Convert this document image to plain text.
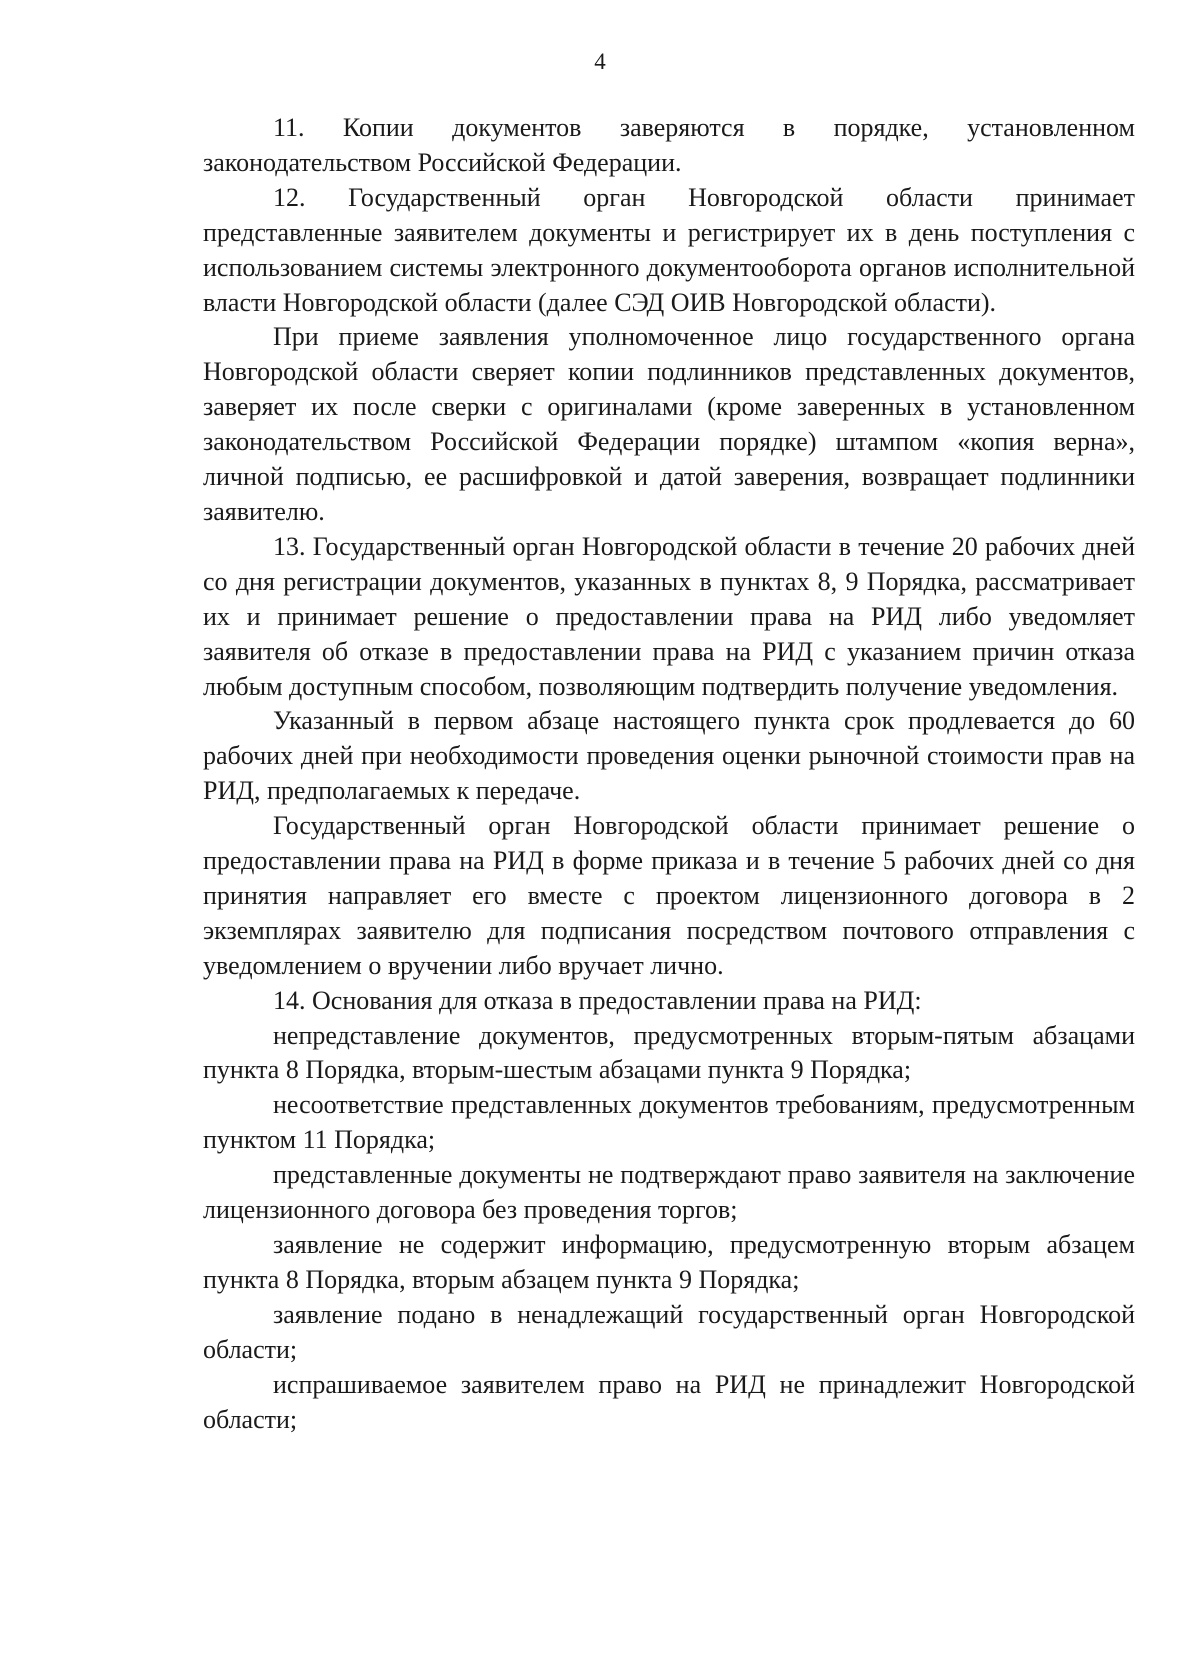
4

11. Копии документов заверяются в порядке, установленном законодательством Российской Федерации.

12. Государственный орган Новгородской области принимает представленные заявителем документы и регистрирует их в день поступления с использованием системы электронного документооборота органов исполнительной власти Новгородской области (далее СЭД ОИВ Новгородской области).

При приеме заявления уполномоченное лицо государственного органа Новгородской области сверяет копии подлинников представленных документов, заверяет их после сверки с оригиналами (кроме заверенных в установленном законодательством Российской Федерации порядке) штампом «копия верна», личной подписью, ее расшифровкой и датой заверения, возвращает подлинники заявителю.

13. Государственный орган Новгородской области в течение 20 рабочих дней со дня регистрации документов, указанных в пунктах 8, 9 Порядка, рассматривает их и принимает решение о предоставлении права на РИД либо уведомляет заявителя об отказе в предоставлении права на РИД с указанием причин отказа любым доступным способом, позволяющим подтвердить получение уведомления.

Указанный в первом абзаце настоящего пункта срок продлевается до 60 рабочих дней при необходимости проведения оценки рыночной стоимости прав на РИД, предполагаемых к передаче.

Государственный орган Новгородской области принимает решение о предоставлении права на РИД в форме приказа и в течение 5 рабочих дней со дня принятия направляет его вместе с проектом лицензионного договора в 2 экземплярах заявителю для подписания посредством почтового отправления с уведомлением о вручении либо вручает лично.

14. Основания для отказа в предоставлении права на РИД:

непредставление документов, предусмотренных вторым-пятым абзацами пункта 8 Порядка, вторым-шестым абзацами пункта 9 Порядка;

несоответствие представленных документов требованиям, предусмотренным пунктом 11 Порядка;

представленные документы не подтверждают право заявителя на заключение лицензионного договора без проведения торгов;

заявление не содержит информацию, предусмотренную вторым абзацем пункта 8 Порядка, вторым абзацем пункта 9 Порядка;

заявление подано в ненадлежащий государственный орган Новгородской области;

испрашиваемое заявителем право на РИД не принадлежит Новгородской области;
